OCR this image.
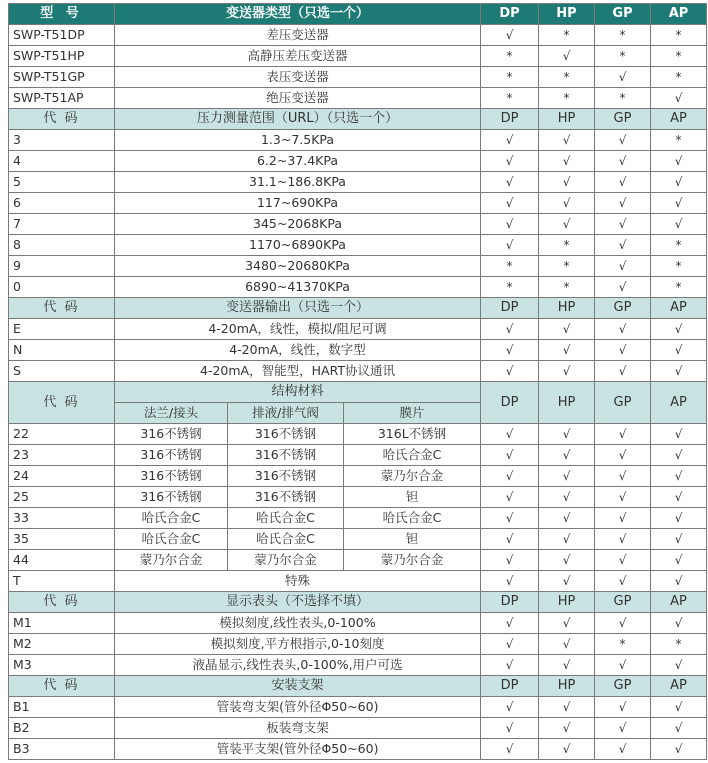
型 号	变送器类型（只选一个）			DP	HP	GP	AP
SWP-T51DP	差压变送器			√	*	*	*
SWP-T51HP	高静压差压变送器			*	√	*	*
SWP-T51GP	表压变送器			*	*	√	*
SWP-T51AP	绝压变送器			*	*	*	√
代 码	压力测量范围（URL）（只选一个）			DP	HP	GP	AP
3	1.3~7.5KPa			√	√	√	*
4	6.2~37.4KPa			√	√	√	√
5	31.1~186.8KPa			√	√	√	√
6	117~690KPa			√	√	√	√
7	345~2068KPa			√	√	√	√
8	1170~6890KPa			√	*	√	*
9	3480~20680KPa			*	*	√	*
0	6890~41370KPa			*	*	√	*
代 码	变送器输出（只选一个）			DP	HP	GP	AP
E	4-20mA，线性，模拟/阻尼可调			√	√	√	√
N	4-20mA，线性，数字型			√	√	√	√
S	4-20mA，智能型，HART协议通讯			√	√	√	√
代 码	结构材料			DP	HP	GP	AP
	法兰/接头	排液/排气阀	膜片				
22	316不锈钢	316不锈钢	316L不锈钢	√	√	√	√
23	316不锈钢	316不锈钢	哈氏合金C	√	√	√	√
24	316不锈钢	316不锈钢	蒙乃尔合金	√	√	√	√
25	316不锈钢	316不锈钢	钽	√	√	√	√
33	哈氏合金C	哈氏合金C	哈氏合金C	√	√	√	√
35	哈氏合金C	哈氏合金C	钽	√	√	√	√
44	蒙乃尔合金	蒙乃尔合金	蒙乃尔合金	√	√	√	√
T	特殊			√	√	√	√
代 码	显示表头（不选择不填）			DP	HP	GP	AP
M1	模拟刻度,线性表头,0-100%			√	√	√	√
M2	模拟刻度,平方根指示,0-10刻度			√	√	*	*
M3	液晶显示,线性表头,0-100%,用户可选			√	√	√	√
代 码	安装支架			DP	HP	GP	AP
B1	管装弯支架(管外径Φ50~60)			√	√	√	√
B2	板装弯支架			√	√	√	√
B3	管装平支架(管外径Φ50~60)			√	√	√	√
